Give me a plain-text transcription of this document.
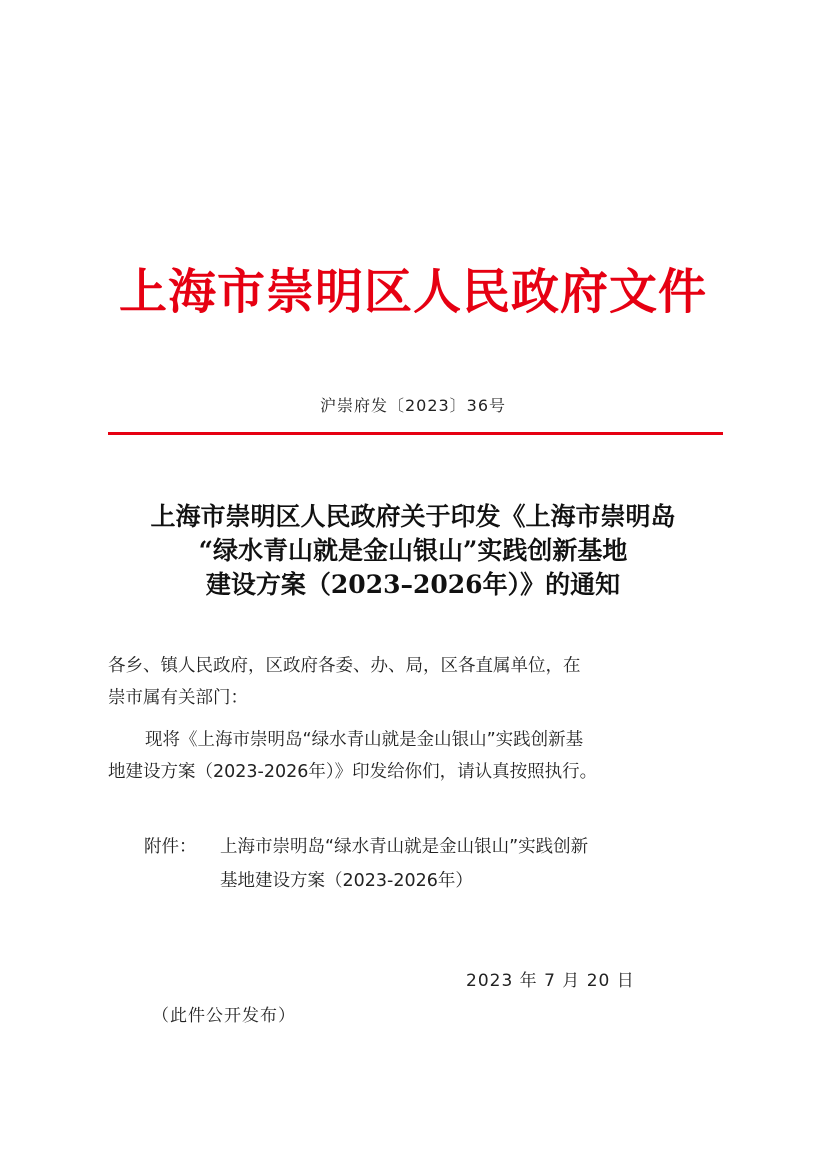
上海市崇明区人民政府文件
沪崇府发〔2023〕36号
上海市崇明区人民政府关于印发《上海市崇明岛
“绿水青山就是金山银山”实践创新基地
建设方案（2023–2026年）》的通知
各乡、镇人民政府，区政府各委、办、局，区各直属单位，在
崇市属有关部门：
现将《上海市崇明岛“绿水青山就是金山银山”实践创新基
地建设方案（2023-2026年）》印发给你们，请认真按照执行。
附件：	上海市崇明岛“绿水青山就是金山银山”实践创新
基地建设方案（2023-2026年）
2023 年 7 月 20 日
（此件公开发布）
